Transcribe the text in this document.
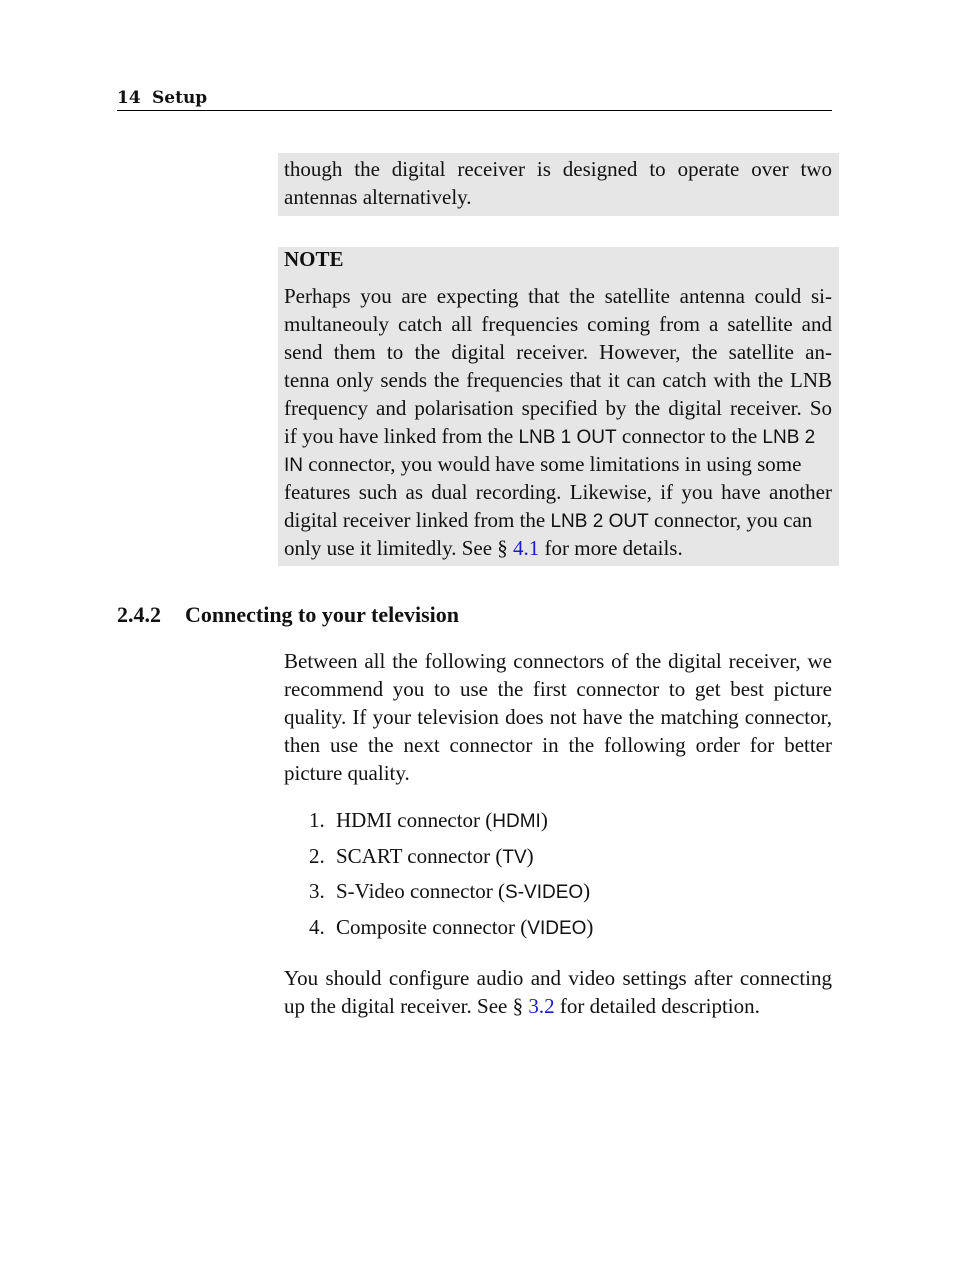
14 Setup
though the digital receiver is designed to operate over two
antennas alternatively.
NOTE
Perhaps you are expecting that the satellite antenna could si-
multaneouly catch all frequencies coming from a satellite and
send them to the digital receiver. However, the satellite an-
tenna only sends the frequencies that it can catch with the LNB
frequency and polarisation specified by the digital receiver. So
if you have linked from the LNB 1 OUT connector to the LNB 2
IN connector, you would have some limitations in using some
features such as dual recording. Likewise, if you have another
digital receiver linked from the LNB 2 OUT connector, you can
only use it limitedly. See § 4.1 for more details.
2.4.2 Connecting to your television
Between all the following connectors of the digital receiver, we
recommend you to use the first connector to get best picture
quality. If your television does not have the matching connector,
then use the next connector in the following order for better
picture quality.
1. HDMI connector (HDMI)
2. SCART connector (TV)
3. S-Video connector (S-VIDEO)
4. Composite connector (VIDEO)
You should configure audio and video settings after connecting
up the digital receiver. See § 3.2 for detailed description.
